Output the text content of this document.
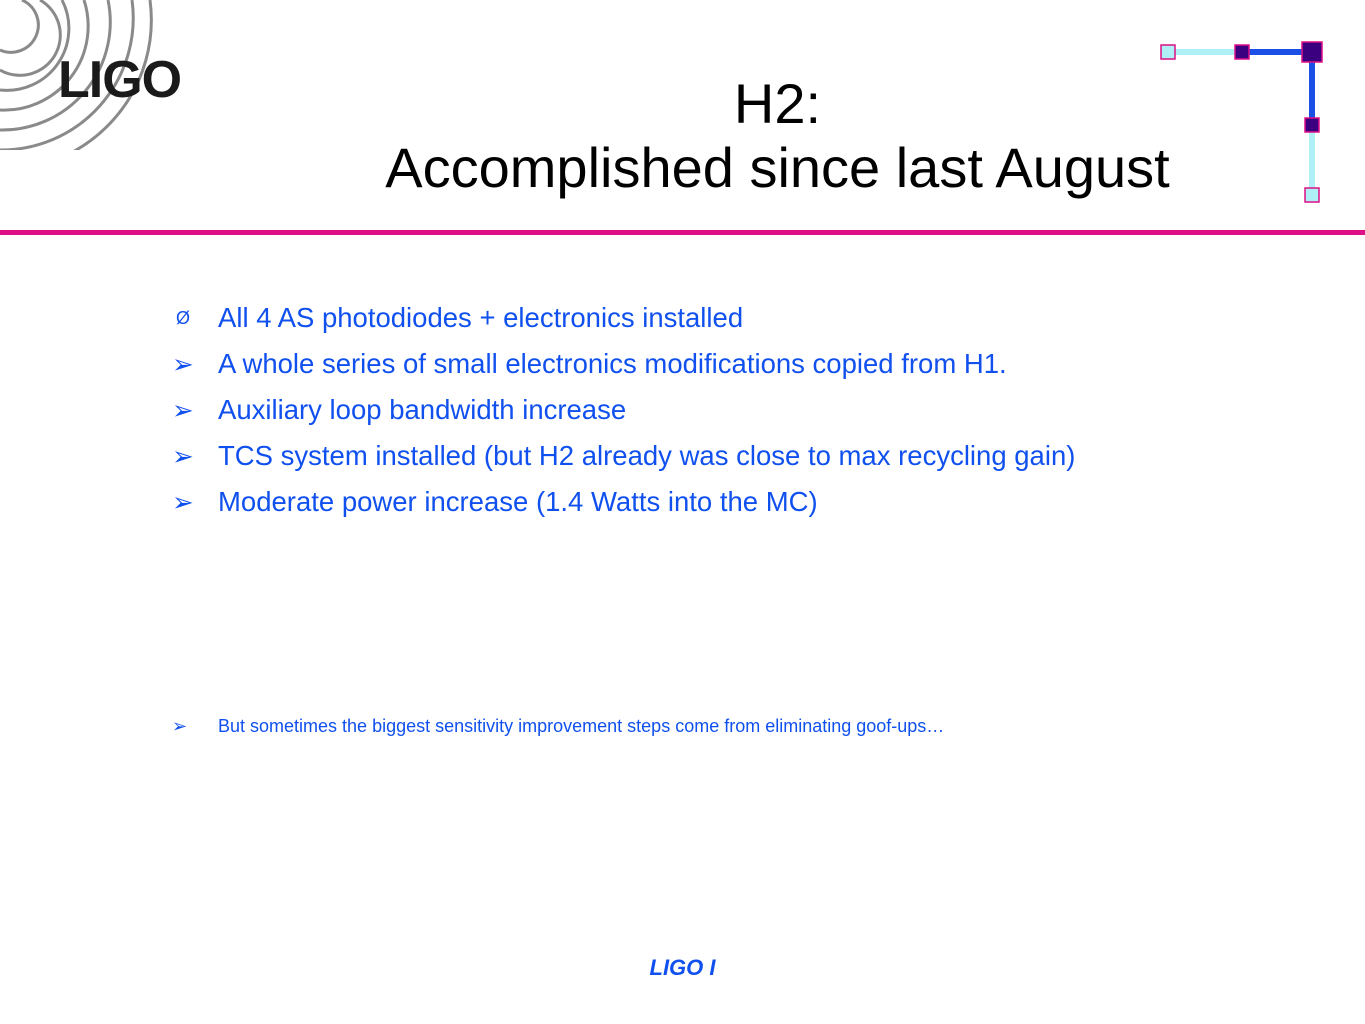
LIGO	H2:
Accomplished since last August
Ø	All 4 AS photodiodes + electronics installed
➢ A whole series of small electronics modifications copied from H1.
➢ Auxiliary loop bandwidth increase
➢ TCS system installed (but H2 already was close to max recycling gain)
➢ Moderate power increase (1.4 Watts into the MC)
➢ But sometimes the biggest sensitivity improvement steps come from eliminating goof-ups…
LIGO I
